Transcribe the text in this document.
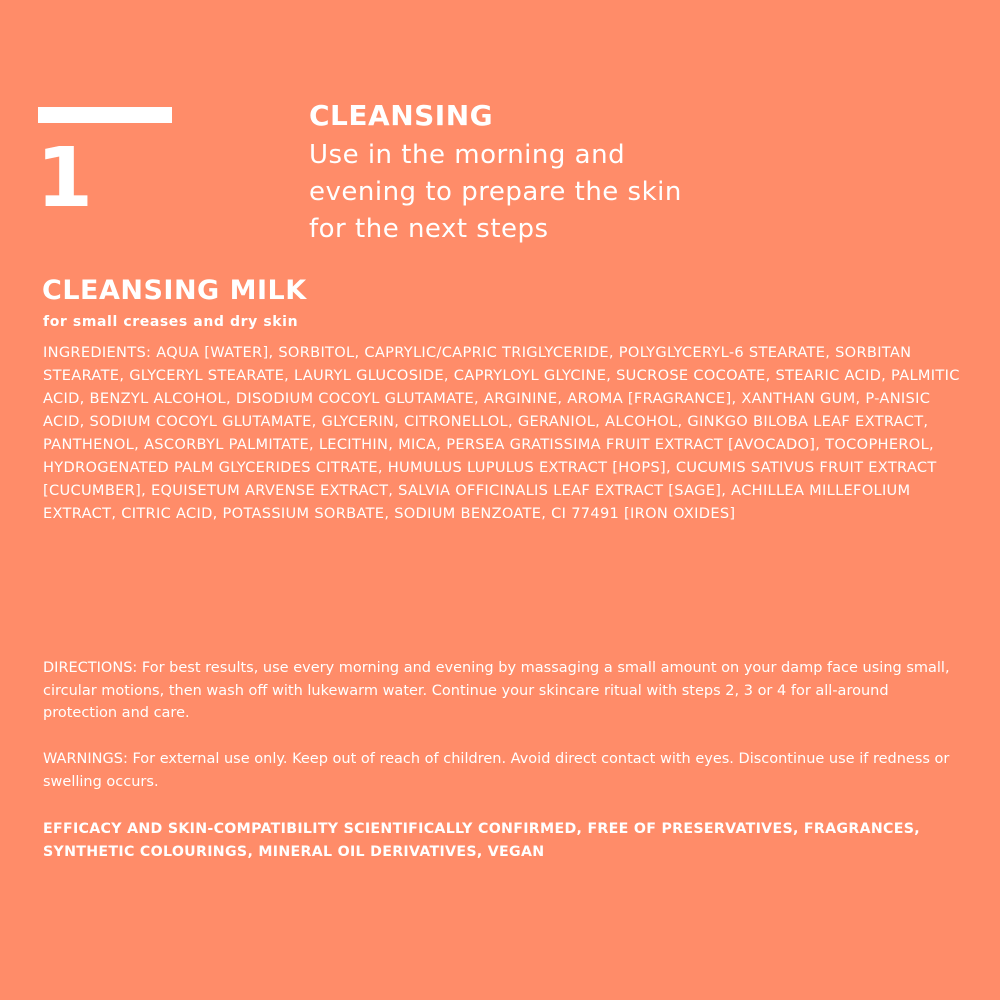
1
CLEANSING
Use in the morning and evening to prepare the skin for the next steps
CLEANSING MILK
for small creases and dry skin

INGREDIENTS: AQUA [WATER], SORBITOL, CAPRYLIC/CAPRIC TRIGLYCERIDE, POLYGLYCERYL-6 STEARATE, SORBITAN STEARATE, GLYCERYL STEARATE, LAURYL GLUCOSIDE, CAPRYLOYL GLYCINE, SUCROSE COCOATE, STEARIC ACID, PALMITIC ACID, BENZYL ALCOHOL, DISODIUM COCOYL GLUTAMATE, ARGININE, AROMA [FRAGRANCE], XANTHAN GUM, P-ANISIC ACID, SODIUM COCOYL GLUTAMATE, GLYCERIN, CITRONELLOL, GERANIOL, ALCOHOL, GINKGO BILOBA LEAF EXTRACT, PANTHENOL, ASCORBYL PALMITATE, LECITHIN, MICA, PERSEA GRATISSIMA FRUIT EXTRACT [AVOCADO], TOCOPHEROL, HYDROGENATED PALM GLYCERIDES CITRATE, HUMULUS LUPULUS EXTRACT [HOPS], CUCUMIS SATIVUS FRUIT EXTRACT [CUCUMBER], EQUISETUM ARVENSE EXTRACT, SALVIA OFFICINALIS LEAF EXTRACT [SAGE], ACHILLEA MILLEFOLIUM EXTRACT, CITRIC ACID, POTASSIUM SORBATE, SODIUM BENZOATE, CI 77491 [IRON OXIDES]

DIRECTIONS: For best results, use every morning and evening by massaging a small amount on your damp face using small, circular motions, then wash off with lukewarm water. Continue your skincare ritual with steps 2, 3 or 4 for all-around protection and care.

WARNINGS: For external use only. Keep out of reach of children. Avoid direct contact with eyes. Discontinue use if redness or swelling occurs.

EFFICACY AND SKIN-COMPATIBILITY SCIENTIFICALLY CONFIRMED, FREE OF PRESERVATIVES, FRAGRANCES, SYNTHETIC COLOURINGS, MINERAL OIL DERIVATIVES, VEGAN
